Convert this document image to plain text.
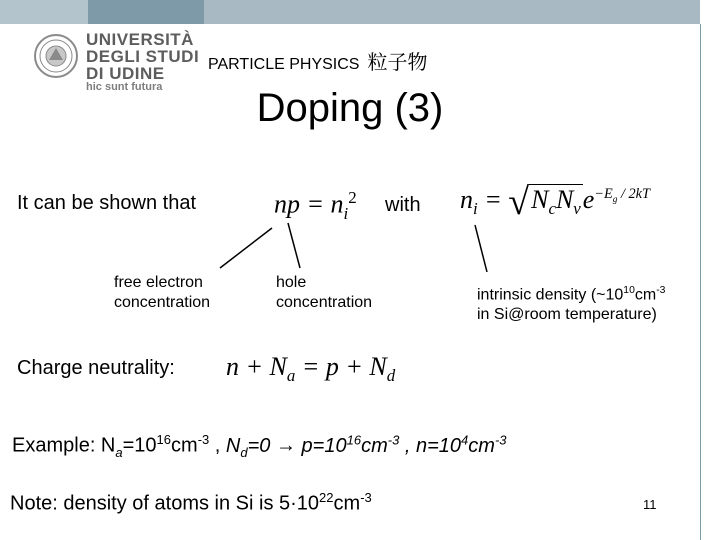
UNIVERSITÀ
DEGLI STUDI
DI UDINE
hic sunt futura
PARTICLE PHYSICS 粒子物
Doping (3)
It can be shown that	np = $n_i^2$ with $n_i = √N_cN_ve^{-E_g / 2kT}$
free electron
concentration
hole
concentration	intrinsic density ($\sim 10^{10}cm^{-3}$
in Si@room temperature)
Charge neutrality: $n + N_a = p + N_d$
Example: $N_a=10^{16}cm^{-3}$ , $N_d=0 \to p=10^{16}cm^{-3}$ , $n=10^4cm^{-3}$
Note: density of atoms in Si is $5\cdot 10^{22}cm^{-3}$	11
